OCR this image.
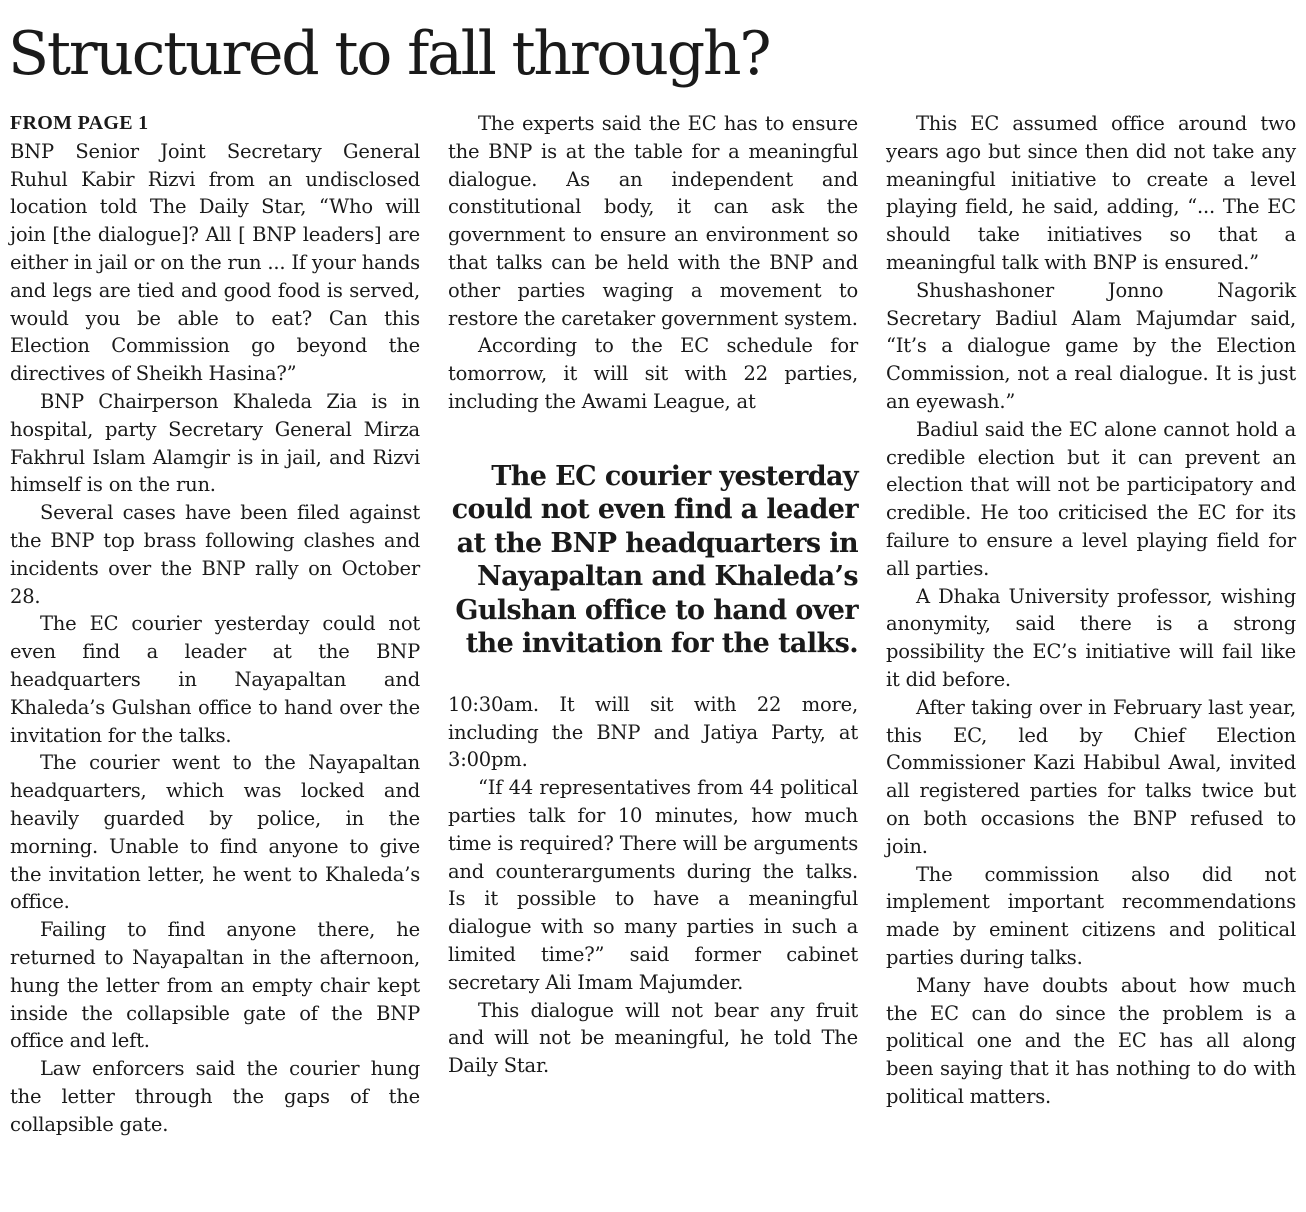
Structured to fall through?
FROM PAGE 1

BNP Senior Joint Secretary General Ruhul Kabir Rizvi from an undisclosed location told The Daily Star, “Who will join [the dialogue]? All [ BNP leaders] are either in jail or on the run ... If your hands and legs are tied and good food is served, would you be able to eat? Can this Election Commission go beyond the directives of Sheikh Hasina?”

BNP Chairperson Khaleda Zia is in hospital, party Secretary General Mirza Fakhrul Islam Alamgir is in jail, and Rizvi himself is on the run.

Several cases have been filed against the BNP top brass following clashes and incidents over the BNP rally on October 28.

The EC courier yesterday could not even find a leader at the BNP headquarters in Nayapaltan and Khaleda’s Gulshan office to hand over the invitation for the talks.

The courier went to the Nayapaltan headquarters, which was locked and heavily guarded by police, in the morning. Unable to find anyone to give the invitation letter, he went to Khaleda’s office.

Failing to find anyone there, he returned to Nayapaltan in the afternoon, hung the letter from an empty chair kept inside the collapsible gate of the BNP office and left.

Law enforcers said the courier hung the letter through the gaps of the collapsible gate.

The experts said the EC has to ensure the BNP is at the table for a meaningful dialogue. As an independent and constitutional body, it can ask the government to ensure an environment so that talks can be held with the BNP and other parties waging a movement to restore the caretaker government system.

According to the EC schedule for tomorrow, it will sit with 22 parties, including the Awami League, at

The EC courier yesterday could not even find a leader at the BNP headquarters in Nayapaltan and Khaleda’s Gulshan office to hand over the invitation for the talks.

10:30am. It will sit with 22 more, including the BNP and Jatiya Party, at 3:00pm.

“If 44 representatives from 44 political parties talk for 10 minutes, how much time is required? There will be arguments and counterarguments during the talks. Is it possible to have a meaningful dialogue with so many parties in such a limited time?” said former cabinet secretary Ali Imam Majumder.

This dialogue will not bear any fruit and will not be meaningful, he told The Daily Star.

This EC assumed office around two years ago but since then did not take any meaningful initiative to create a level playing field, he said, adding, “... The EC should take initiatives so that a meaningful talk with BNP is ensured.”

Shushashoner Jonno Nagorik Secretary Badiul Alam Majumdar said, “It’s a dialogue game by the Election Commission, not a real dialogue. It is just an eyewash.”

Badiul said the EC alone cannot hold a credible election but it can prevent an election that will not be participatory and credible. He too criticised the EC for its failure to ensure a level playing field for all parties.

A Dhaka University professor, wishing anonymity, said there is a strong possibility the EC’s initiative will fail like it did before.

After taking over in February last year, this EC, led by Chief Election Commissioner Kazi Habibul Awal, invited all registered parties for talks twice but on both occasions the BNP refused to join.

The commission also did not implement important recommendations made by eminent citizens and political parties during talks.

Many have doubts about how much the EC can do since the problem is a political one and the EC has all along been saying that it has nothing to do with political matters.
